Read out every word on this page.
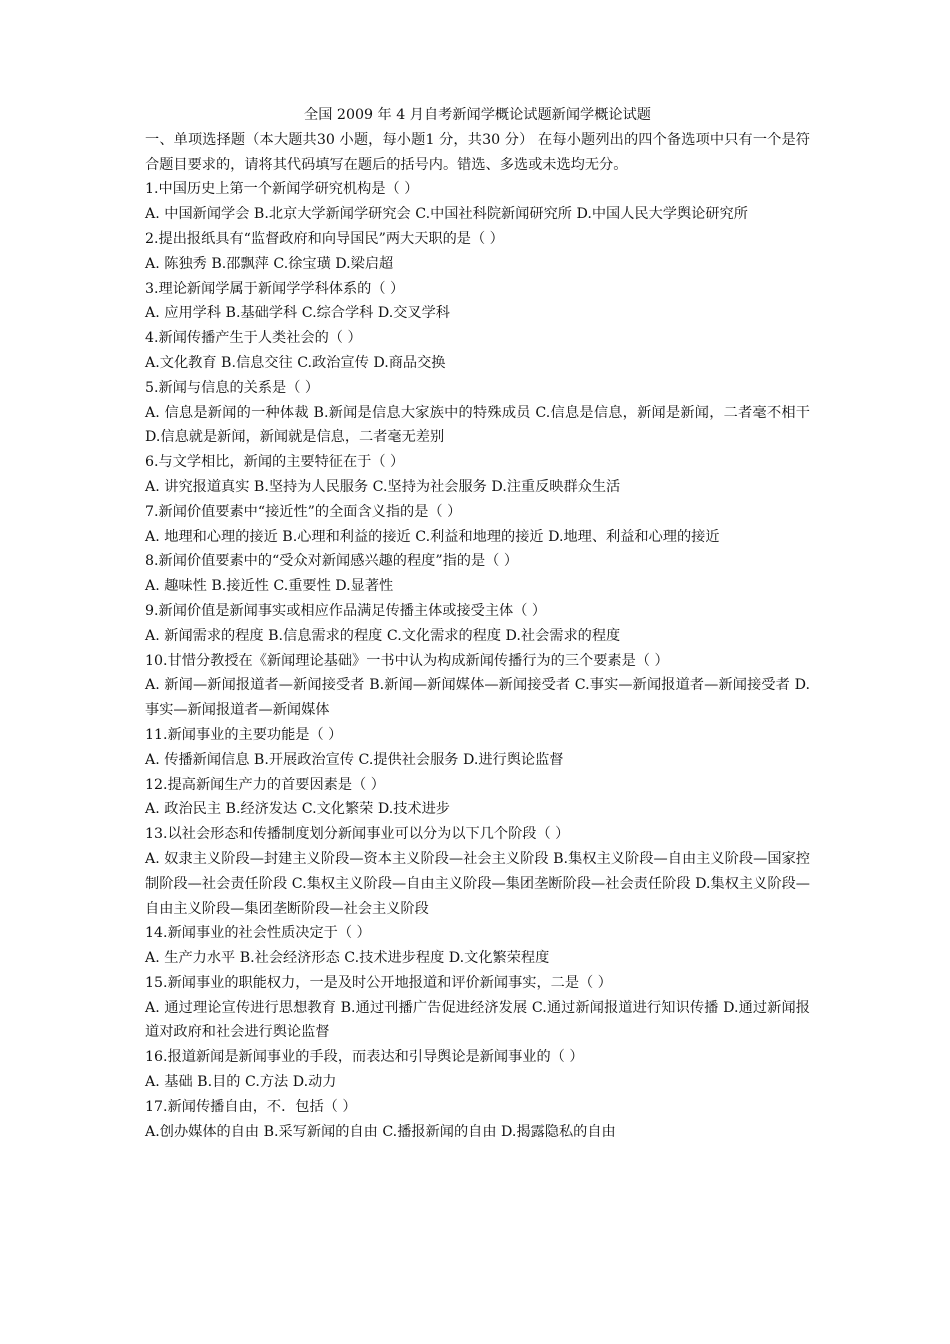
全国 2009 年 4 月自考新闻学概论试题新闻学概论试题

一、单项选择题（本大题共30 小题，每小题1 分，共30 分） 在每小题列出的四个备选项中只有一个是符合题目要求的，请将其代码填写在题后的括号内。错选、多选或未选均无分。

1.中国历史上第一个新闻学研究机构是（ ）

A. 中国新闻学会 B.北京大学新闻学研究会 C.中国社科院新闻研究所 D.中国人民大学舆论研究所

2.提出报纸具有“监督政府和向导国民”两大天职的是（ ）

A. 陈独秀 B.邵飘萍 C.徐宝璜 D.梁启超

3.理论新闻学属于新闻学学科体系的（ ）

A. 应用学科 B.基础学科 C.综合学科 D.交叉学科

4.新闻传播产生于人类社会的（ ）

A.文化教育 B.信息交往 C.政治宣传 D.商品交换

5.新闻与信息的关系是（ ）

A. 信息是新闻的一种体裁 B.新闻是信息大家族中的特殊成员 C.信息是信息，新闻是新闻，二者毫不相干 D.信息就是新闻，新闻就是信息，二者毫无差别

6.与文学相比，新闻的主要特征在于（ ）

A. 讲究报道真实 B.坚持为人民服务 C.坚持为社会服务 D.注重反映群众生活

7.新闻价值要素中“接近性”的全面含义指的是（ ）

A. 地理和心理的接近 B.心理和利益的接近 C.利益和地理的接近 D.地理、利益和心理的接近

8.新闻价值要素中的“受众对新闻感兴趣的程度”指的是（ ）

A. 趣味性 B.接近性 C.重要性 D.显著性

9.新闻价值是新闻事实或相应作品满足传播主体或接受主体（ ）

A. 新闻需求的程度 B.信息需求的程度 C.文化需求的程度 D.社会需求的程度

10.甘惜分教授在《新闻理论基础》一书中认为构成新闻传播行为的三个要素是（ ）

A. 新闻—新闻报道者—新闻接受者 B.新闻—新闻媒体—新闻接受者 C.事实—新闻报道者—新闻接受者 D.事实—新闻报道者—新闻媒体

11.新闻事业的主要功能是（ ）

A. 传播新闻信息 B.开展政治宣传 C.提供社会服务 D.进行舆论监督

12.提高新闻生产力的首要因素是（ ）

A. 政治民主 B.经济发达 C.文化繁荣 D.技术进步

13.以社会形态和传播制度划分新闻事业可以分为以下几个阶段（ ）

A. 奴隶主义阶段—封建主义阶段—资本主义阶段—社会主义阶段 B.集权主义阶段—自由主义阶段—国家控制阶段—社会责任阶段 C.集权主义阶段—自由主义阶段—集团垄断阶段—社会责任阶段 D.集权主义阶段—自由主义阶段—集团垄断阶段—社会主义阶段

14.新闻事业的社会性质决定于（ ）

A. 生产力水平 B.社会经济形态 C.技术进步程度 D.文化繁荣程度

15.新闻事业的职能权力，一是及时公开地报道和评价新闻事实，二是（ ）

A. 通过理论宣传进行思想教育 B.通过刊播广告促进经济发展 C.通过新闻报道进行知识传播 D.通过新闻报道对政府和社会进行舆论监督

16.报道新闻是新闻事业的手段，而表达和引导舆论是新闻事业的（ ）

A. 基础 B.目的 C.方法 D.动力

17.新闻传播自由，不．包括（ ）

A.创办媒体的自由 B.采写新闻的自由 C.播报新闻的自由 D.揭露隐私的自由
